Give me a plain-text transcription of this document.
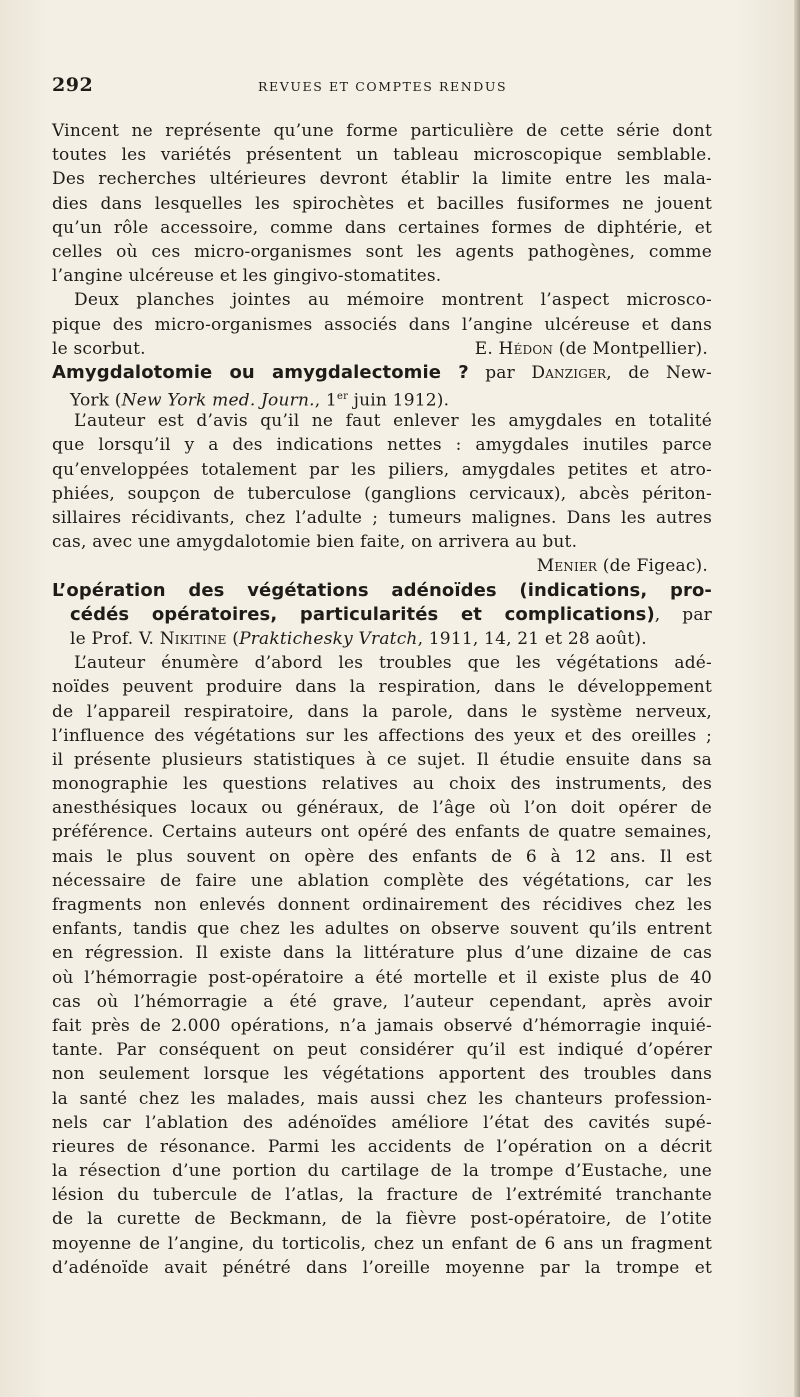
292	REVUES ET COMPTES RENDUS
Vincent ne représente qu’une forme particulière de cette série dont
toutes les variétés présentent un tableau microscopique semblable.
Des recherches ultérieures devront établir la limite entre les mala-
dies dans lesquelles les spirochètes et bacilles fusiformes ne jouent
qu’un rôle accessoire, comme dans certaines formes de diphtérie, et
celles où ces micro-organismes sont les agents pathogènes, comme
l’angine ulcéreuse et les gingivo-stomatites.
Deux planches jointes au mémoire montrent l’aspect microsco-
pique des micro-organismes associés dans l’angine ulcéreuse et dans
le scorbut.	E. Hédon (de Montpellier).
Amygdalotomie ou amygdalectomie ? par Danziger, de New-
York (New York med. Journ., 1er juin 1912).
L’auteur est d’avis qu’il ne faut enlever les amygdales en totalité
que lorsqu’il y a des indications nettes : amygdales inutiles parce
qu’enveloppées totalement par les piliers, amygdales petites et atro-
phiées, soupçon de tuberculose (ganglions cervicaux), abcès périton-
sillaires récidivants, chez l’adulte ; tumeurs malignes. Dans les autres
cas, avec une amygdalotomie bien faite, on arrivera au but.
Menier (de Figeac).
L’opération des végétations adénoïdes (indications, pro-
cédés opératoires, particularités et complications), par
le Prof. V. Nikitine (Praktichesky Vratch, 1911, 14, 21 et 28 août).
L’auteur énumère d’abord les troubles que les végétations adé-
noïdes peuvent produire dans la respiration, dans le développement
de l’appareil respiratoire, dans la parole, dans le système nerveux,
l’influence des végétations sur les affections des yeux et des oreilles ;
il présente plusieurs statistiques à ce sujet. Il étudie ensuite dans sa
monographie les questions relatives au choix des instruments, des
anesthésiques locaux ou généraux, de l’âge où l’on doit opérer de
préférence. Certains auteurs ont opéré des enfants de quatre semaines,
mais le plus souvent on opère des enfants de 6 à 12 ans. Il est
nécessaire de faire une ablation complète des végétations, car les
fragments non enlevés donnent ordinairement des récidives chez les
enfants, tandis que chez les adultes on observe souvent qu’ils entrent
en régression. Il existe dans la littérature plus d’une dizaine de cas
où l’hémorragie post-opératoire a été mortelle et il existe plus de 40
cas où l’hémorragie a été grave, l’auteur cependant, après avoir
fait près de 2.000 opérations, n’a jamais observé d’hémorragie inquié-
tante. Par conséquent on peut considérer qu’il est indiqué d’opérer
non seulement lorsque les végétations apportent des troubles dans
la santé chez les malades, mais aussi chez les chanteurs profession-
nels car l’ablation des adénoïdes améliore l’état des cavités supé-
rieures de résonance. Parmi les accidents de l’opération on a décrit
la résection d’une portion du cartilage de la trompe d’Eustache, une
lésion du tubercule de l’atlas, la fracture de l’extrémité tranchante
de la curette de Beckmann, de la fièvre post-opératoire, de l’otite
moyenne de l’angine, du torticolis, chez un enfant de 6 ans un fragment
d’adénoïde avait pénétré dans l’oreille moyenne par la trompe et
